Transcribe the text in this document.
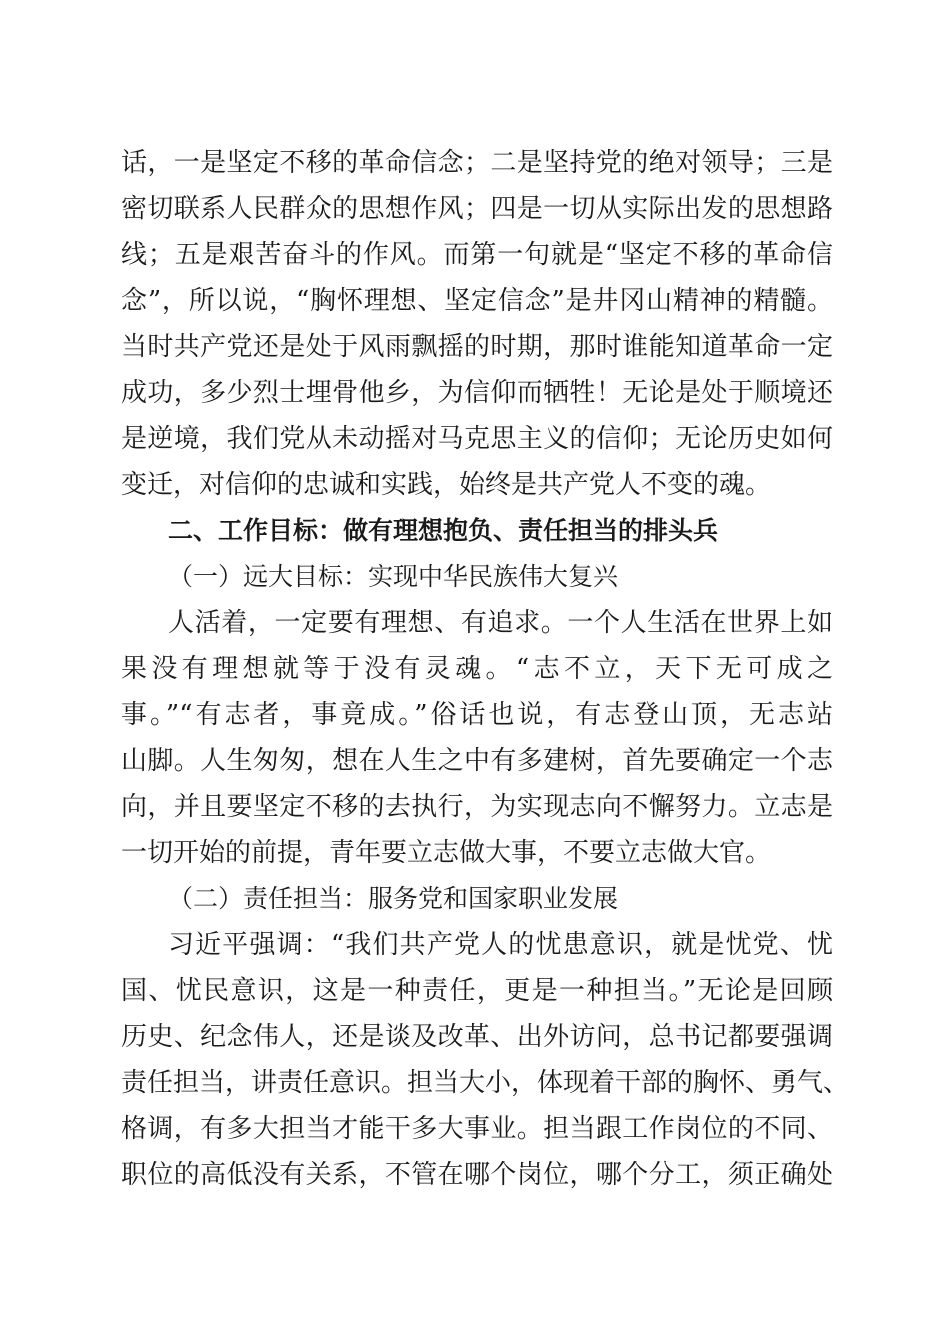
话，一是坚定不移的革命信念；二是坚持党的绝对领导；三是
密切联系人民群众的思想作风；四是一切从实际出发的思想路
线；五是艰苦奋斗的作风。而第一句就是“坚定不移的革命信
念”，所以说，“胸怀理想、坚定信念”是井冈山精神的精髓。
当时共产党还是处于风雨飘摇的时期，那时谁能知道革命一定
成功，多少烈士埋骨他乡，为信仰而牺牲！无论是处于顺境还
是逆境，我们党从未动摇对马克思主义的信仰；无论历史如何
变迁，对信仰的忠诚和实践，始终是共产党人不变的魂。
二、工作目标：做有理想抱负、责任担当的排头兵
（一）远大目标：实现中华民族伟大复兴
人活着，一定要有理想、有追求。一个人生活在世界上如
果没有理想就等于没有灵魂。“志不立，天下无可成之
事。”“有志者，事竟成。”俗话也说，有志登山顶，无志站
山脚。人生匆匆，想在人生之中有多建树，首先要确定一个志
向，并且要坚定不移的去执行，为实现志向不懈努力。立志是
一切开始的前提，青年要立志做大事，不要立志做大官。
（二）责任担当：服务党和国家职业发展
习近平强调：“我们共产党人的忧患意识，就是忧党、忧
国、忧民意识，这是一种责任，更是一种担当。”无论是回顾
历史、纪念伟人，还是谈及改革、出外访问，总书记都要强调
责任担当，讲责任意识。担当大小，体现着干部的胸怀、勇气、
格调，有多大担当才能干多大事业。担当跟工作岗位的不同、
职位的高低没有关系，不管在哪个岗位，哪个分工，须正确处
